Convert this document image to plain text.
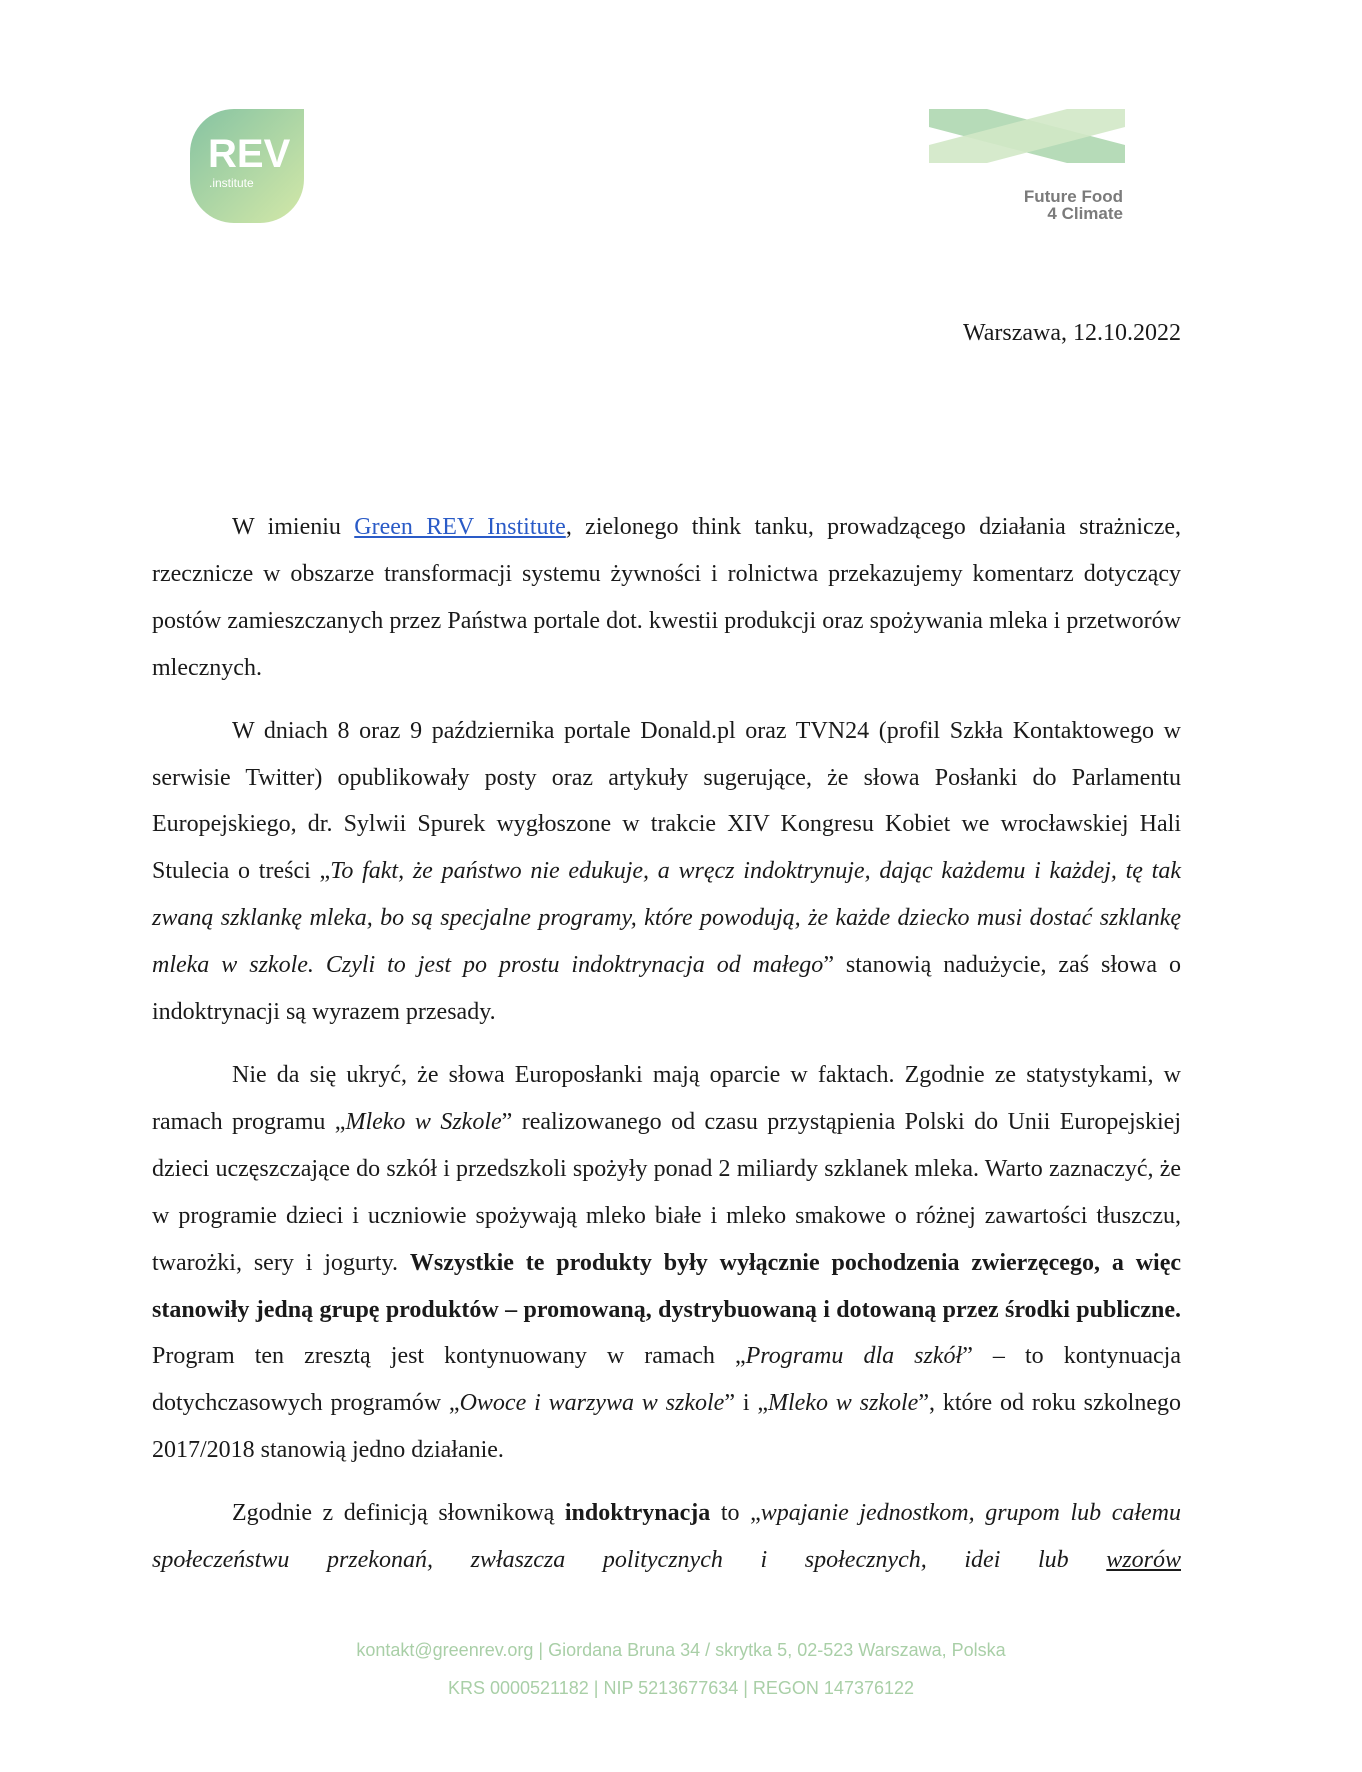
REV
.institute
Future Food
4 Climate
Warszawa, 12.10.2022

W imieniu Green REV Institute, zielonego think tanku, prowadzącego działania strażnicze, rzecznicze w obszarze transformacji systemu żywności i rolnictwa przekazujemy komentarz dotyczący postów zamieszczanych przez Państwa portale dot. kwestii produkcji oraz spożywania mleka i przetworów mlecznych.

W dniach 8 oraz 9 października portale Donald.pl oraz TVN24 (profil Szkła Kontaktowego w serwisie Twitter) opublikowały posty oraz artykuły sugerujące, że słowa Posłanki do Parlamentu Europejskiego, dr. Sylwii Spurek wygłoszone w trakcie XIV Kongresu Kobiet we wrocławskiej Hali Stulecia o treści „To fakt, że państwo nie edukuje, a wręcz indoktrynuje, dając każdemu i każdej, tę tak zwaną szklankę mleka, bo są specjalne programy, które powodują, że każde dziecko musi dostać szklankę mleka w szkole. Czyli to jest po prostu indoktrynacja od małego” stanowią nadużycie, zaś słowa o indoktrynacji są wyrazem przesady.

Nie da się ukryć, że słowa Europosłanki mają oparcie w faktach. Zgodnie ze statystykami, w ramach programu „Mleko w Szkole” realizowanego od czasu przystąpienia Polski do Unii Europejskiej dzieci uczęszczające do szkół i przedszkoli spożyły ponad 2 miliardy szklanek mleka. Warto zaznaczyć, że w programie dzieci i uczniowie spożywają mleko białe i mleko smakowe o różnej zawartości tłuszczu, twarożki, sery i jogurty. Wszystkie te produkty były wyłącznie pochodzenia zwierzęcego, a więc stanowiły jedną grupę produktów – promowaną, dystrybuowaną i dotowaną przez środki publiczne. Program ten zresztą jest kontynuowany w ramach „Programu dla szkół” – to kontynuacja dotychczasowych programów „Owoce i warzywa w szkole” i „Mleko w szkole”, które od roku szkolnego 2017/2018 stanowią jedno działanie.

Zgodnie z definicją słownikową indoktrynacja to „wpajanie jednostkom, grupom lub całemu społeczeństwu przekonań, zwłaszcza politycznych i społecznych, idei lub wzorów

kontakt@greenrev.org | Giordana Bruna 34 / skrytka 5, 02-523 Warszawa, Polska
KRS 0000521182 | NIP 5213677634 | REGON 147376122
